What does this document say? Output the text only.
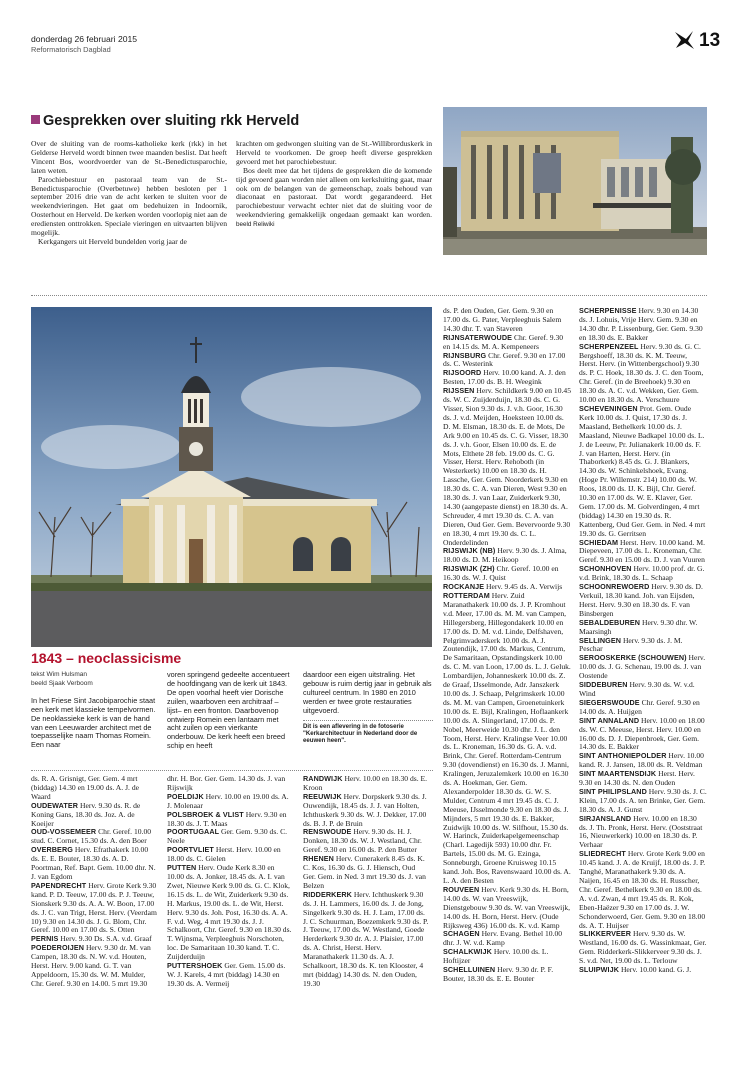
donderdag 26 februari 2015
Reformatorisch Dagblad	13
Gesprekken over sluiting rkk Herveld

Over de sluiting van de rooms-katholieke kerk (rkk) in het Gelderse Herveld wordt binnen twee maanden beslist. Dat heeft Vincent Bos, woordvoerder van de St.-Benedictusparochie, laten weten.

Parochiebestuur en pastoraal team van de St.-Benedictusparochie (Overbetuwe) hebben besloten per 1 september 2016 drie van de acht kerken te sluiten voor de weekendvieringen. Het gaat om bedehuizen in Indoornik, Oosterhout en Herveld. De kerken worden voorlopig niet aan de erediensten onttrokken. Speciale vieringen en uitvaarten blijven mogelijk.

Kerkgangers uit Herveld bundelden vorig jaar de

krachten om gedwongen sluiting van de St.-Willibrorduskerk in Herveld te voorkomen. De groep heeft diverse gesprekken gevoerd met het parochiebestuur.

Bos deelt mee dat het tijdens de gesprekken die de komende tijd gevoerd gaan worden niet alleen om kerksluiting gaat, maar ook om de belangen van de gemeenschap, zoals behoud van diaconaat en pastoraat. Dat wordt gegarandeerd. Het parochiebestuur verwacht echter niet dat de sluiting voor de weekendviering gemakkelijk ongedaan gemaakt kan worden. beeld Reliwiki

1843 – neoclassicisme
tekst Wim Hulsman
beeld Sjaak Verboom
In het Friese Sint Jacobiparochie staat een kerk met klassieke tempelvormen. De neoklassieke kerk is van de hand van een Leeuwarder architect met de toepasselijke naam Thomas Romein. Een naar
voren springend gedeelte accentueert de hoofdingang van de kerk uit 1843. De open voorhal heeft vier Dorische zuilen, waarboven een architraaf –lijst– en een fronton. Daarbovenop ontwierp Romein een lantaarn met acht zuilen op een vierkante onderbouw. De kerk heeft een breed schip en heeft
daardoor een eigen uitstraling. Het gebouw is ruim dertig jaar in gebruik als cultureel centrum. In 1980 en 2010 werden er twee grote restauraties uitgevoerd.
Dit is een aflevering in de fotoserie "Kerkarchitectuur in Nederland door de eeuwen heen".

ds. R. A. Grisnigt, Ger. Gem. 4 mrt (biddag) 14.30 en 19.00 ds. A. J. de Waard

OUDEWATER Herv. 9.30 ds. R. de Koning Gans, 18.30 ds. Joz. A. de Koeijer

OUD-VOSSEMEER Chr. Geref. 10.00 stud. C. Cornet, 15.30 ds. A. den Boer

OVERBERG Herv. Efrathakerk 10.00 ds. E. E. Bouter, 18.30 ds. A. D. Poortman, Ref. Bapt. Gem. 10.00 dhr. N. J. van Egdom

PAPENDRECHT Herv. Grote Kerk 9.30 kand. P. D. Teeuw, 17.00 ds. P. J. Teeuw, Sionskerk 9.30 ds. A. A. W. Boon, 17.00 ds. J. C. van Trigt, Herst. Herv. (Veerdam 10) 9.30 en 14.30 ds. J. G. Blom, Chr. Geref. 10.00 en 17.00 ds. S. Otten

PERNIS Herv. 9.30 Ds. S.A. v.d. Graaf

POEDEROIJEN Herv. 9.30 dr. M. van Campen, 18.30 ds. N. W. v.d. Houten, Herst. Herv. 9.00 kand. G. T. van Appeldoorn, 15.30 ds. W. M. Mulder, Chr. Geref. 9.30 en 14.00. 5 mrt 19.30

dhr. H. Bor. Ger. Gem. 14.30 ds. J. van Rijswijk

POELDIJK Herv. 10.00 en 19.00 ds. A. J. Molenaar

POLSBROEK & VLIST Herv. 9.30 en 18.30 ds. J. T. Maas

POORTUGAAL Ger. Gem. 9.30 ds. C. Neele

POORTVLIET Herst. Herv. 10.00 en 18.00 ds. C. Gielen

PUTTEN Herv. Oude Kerk 8.30 en 10.00 ds. A. Jonker, 18.45 ds. A. I. van Zwet, Nieuwe Kerk 9.00 ds. G. C. Klok, 16.15 ds. L. de Wit, Zuiderkerk 9.30 ds. H. Markus, 19.00 ds. L. de Wit, Herst. Herv. 9.30 ds. Joh. Post, 16.30 ds. A. A. F. v.d. Weg, 4 mrt 19.30 ds. J. J. Schalkoort, Chr. Geref. 9.30 en 18.30 ds. T. Wijnsma, Verpleeghuis Norschoten, loc. De Samaritaan 10.30 kand. T. C. Zuijderduijn

PUTTERSHOEK Ger. Gem. 15.00 ds. W. J. Karels, 4 mrt (biddag) 14.30 en 19.30 ds. A. Vermeij

RANDWIJK Herv. 10.00 en 18.30 ds. E. Kroon

REEUWIJK Herv. Dorpskerk 9.30 ds. J. Ouwendijk, 18.45 ds. J. J. van Holten, Ichthuskerk 9.30 ds. W. J. Dekker, 17.00 ds. B. J. P. de Bruin

RENSWOUDE Herv. 9.30 ds. H. J. Donken, 18.30 ds. W. J. Westland, Chr. Geref. 9.30 en 16.00 ds. P. den Butter

RHENEN Herv. Cunerakerk 8.45 ds. K. C. Kos, 16.30 ds. G. J. Hiensch, Oud Ger. Gem. in Ned. 3 mrt 19.30 ds. J. van Belzen

RIDDERKERK Herv. Ichthuskerk 9.30 ds. J. H. Lammers, 16.00 ds. J. de Jong, Singelkerk 9.30 ds. H. J. Lam, 17.00 ds. J. C. Schuurman, Boezemkerk 9.30 ds. P. J. Teeuw, 17.00 ds. W. Westland, Goede Herderkerk 9.30 dr. A. J. Plaisier, 17.00 ds. A. Christ, Herst. Herv. Maranathakerk 11.30 ds. A. J. Schalkoort, 18.30 ds. K. ten Klooster, 4 mrt (biddag) 14.30 ds. N. den Ouden, 19.30

ds. P. den Ouden, Ger. Gem. 9.30 en 17.00 ds. G. Pater, Verpleeghuis Salem 14.30 dhr. T. van Staveren

RIJNSATERWOUDE Chr. Geref. 9.30 en 14.15 ds. M. A. Kempeneers

RIJNSBURG Chr. Geref. 9.30 en 17.00 ds. C. Westerink

RIJSOORD Herv. 10.00 kand. A. J. den Besten, 17.00 ds. B. H. Weegink

RIJSSEN Herv. Schildkerk 9.00 en 10.45 ds. W. C. Zuijderduijn, 18.30 ds. C. G. Visser, Sion 9.30 ds. J. v.h. Goor, 16.30 ds. J. v.d. Meijden, Hoeksteen 10.00 ds. D. M. Elsman, 18.30 ds. E. de Mots, De Ark 9.00 en 10.45 ds. C. G. Visser, 18.30 ds. J. v.h. Goor, Elsen 10.00 ds. E. de Mots, Elthete 28 feb. 19.00 ds. C. G. Visser, Herst. Herv. Rehoboth (in Westerkerk) 10.00 en 18.30 ds. H. Lassche, Ger. Gem. Noorderkerk 9.30 en 18.30 ds. C. A. van Dieren, West 9.30 en 18.30 ds. J. van Laar, Zuiderkerk 9.30, 14.30 (aangepaste dienst) en 18.30 ds. A. Schreuder, 4 mrt 19.30 ds. C. A. van Dieren, Oud Ger. Gem. Bevervoorde 9.30 en 18.30, 4 mrt 19.30 ds. C. L. Onderdelinden

RIJSWIJK (NB) Herv. 9.30 ds. J. Alma, 18.00 ds. D. M. Heikoop

RIJSWIJK (ZH) Chr. Geref. 10.00 en 16.30 ds. W. J. Quist

ROCKANJE Herv. 9.45 ds. A. Verwijs

ROTTERDAM Herv. Zuid Maranathakerk 10.00 ds. J. P. Kromhout v.d. Meer, 17.00 ds. M. M. van Campen, Hillegersberg, Hillegondakerk 10.00 en 17.00 ds. D. M. v.d. Linde, Delfshaven, Pelgrimvaderskerk 10.00 ds. A. J. Zoutendijk, 17.00 ds. Markus, Centrum, De Samaritaan, Opstandingskerk 10.00 ds. C. M. van Loon, 17.00 ds. L. J. Geluk. Lombardijen, Johanneskerk 10.00 ds. Z. de Graaf, IJsselmonde, Adr. Janszkerk 10.00 ds. J. Schaap, Pelgrimskerk 10.00 ds. M. M. van Campen, Groenetuinkerk 10.00 ds. E. Bijl, Kralingen, Hoflaankerk 10.00 ds. A. Slingerland, 17.00 ds. P. Nobel, Meerweide 10.30 dhr. J. L. den Toom, Herst. Herv. Kralingse Veer 10.00 ds. L. Kroneman, 16.30 ds. G. A. v.d. Brink, Chr. Geref. Rotterdam-Centrum 9.30 (dovendienst) en 16.30 ds. J. Manni, Kralingen, Jeruzalemkerk 10.00 en 16.30 ds. A. Hoekman, Ger. Gem. Alexanderpolder 18.30 ds. G. W. S. Mulder, Centrum 4 mrt 19.45 ds. C. J. Meeuse, IJsselmonde 9.30 en 18.30 ds. J. Mijnders, 5 mrt 19.30 ds. E. Bakker, Zuidwijk 10.00 ds. W. Silfhout, 15.30 ds. W. Harinck, Zuiderkapelgemeenschap (Charl. Lagedijk 593) 10.00 dhr. Fr. Bartels, 15.00 ds. M. G. Ezinga, Sonneburgh, Groene Kruisweg 10.15 kand. Joh. Bos, Ravenswaard 10.00 ds. A. L. A. den Besten

ROUVEEN Herv. Kerk 9.30 ds. H. Born, 14.00 ds. W. van Vreeswijk, Dienstgebouw 9.30 ds. W. van Vreeswijk, 14.00 ds. H. Born, Herst. Herv. (Oude Rijksweg 436) 16.00 ds. K. v.d. Kamp

SCHAGEN Herv. Evang. Bethel 10.00 dhr. J. W. v.d. Kamp

SCHALKWIJK Herv. 10.00 ds. L. Hoftijzer

SCHELLUINEN Herv. 9.30 dr. P. F. Bouter, 18.30 ds. E. E. Bouter

SCHERPENISSE Herv. 9.30 en 14.30 ds. J. Lohuis, Vrije Herv. Gem. 9.30 en 14.30 dhr. P. Lissenburg, Ger. Gem. 9.30 en 18.30 ds. E. Bakker

SCHERPENZEEL Herv. 9.30 ds. G. C. Bergshoeff, 18.30 ds. K. M. Teeuw, Herst. Herv. (in Wittenbergschool) 9.30 ds. P. C. Hoek, 18.30 ds. J. C. den Toom, Chr. Geref. (in de Breehoek) 9.30 en 18.30 ds. A. C. v.d. Wekken, Ger. Gem. 10.00 en 18.30 ds. A. Verschuure

SCHEVENINGEN Prot. Gem. Oude Kerk 10.00 ds. J. Quist, 17.30 ds. J. Maasland, Bethelkerk 10.00 ds. J. Maasland, Nieuwe Badkapel 10.00 ds. L. J. de Leeuw, Pr. Julianakerk 10.00 ds. F. J. van Harten, Herst. Herv. (in Thaborkerk) 8.45 ds. G. J. Blankers, 14.30 ds. W. Schinkelshoek, Evang. (Hoge Pr. Willemstr. 214) 10.00 ds. W. Roos, 18.00 ds. IJ. K. Bijl, Chr. Geref. 10.30 en 17.00 ds. W. E. Klaver, Ger. Gem. 17.00 ds. M. Golverdingen, 4 mrt (biddag) 14.30 en 19.30 ds. R. Kattenberg, Oud Ger. Gem. in Ned. 4 mrt 19.30 ds. G. Gerritsen

SCHIEDAM Herst. Herv. 10.00 kand. M. Diepeveen, 17.00 ds. L. Kroneman, Chr. Geref. 9.30 en 15.00 ds. D. J. van Vuuren

SCHONHOVEN Herv. 10.00 prof. dr. G. v.d. Brink, 18.30 ds. L. Schaap

SCHOONREWOERD Herv. 9.30 ds. D. Verkuil, 18.30 kand. Joh. van Eijsden, Herst. Herv. 9.30 en 18.30 ds. F. van Binsbergen

SEBALDEBUREN Herv. 9.30 dhr. W. Maarsingh

SELLINGEN Herv. 9.30 ds. J. M. Peschar

SEROOSKERKE (SCHOUWEN) Herv. 10.00 ds. J. G. Schenau, 19.00 ds. J. van Oostende

SIDDEBUREN Herv. 9.30 ds. W. v.d. Wind

SIEGERSWOUDE Chr. Geref. 9.30 en 14.00 ds. A. Huijgen

SINT ANNALAND Herv. 10.00 en 18.00 ds. W. C. Meeuse, Herst. Herv. 10.00 en 16.00 ds. D. J. Diepenbroek, Ger. Gem. 14.30 ds. E. Bakker

SINT ANTHONIEPOLDER Herv. 10.00 kand. R. J. Jansen, 18.00 ds. R. Veldman

SINT MAARTENSDIJK Herst. Herv. 9.30 en 14.30 ds. N. den Ouden

SINT PHILIPSLAND Herv. 9.30 ds. J. C. Klein, 17.00 ds. A. ten Brinke, Ger. Gem. 18.30 ds. A. J. Gunst

SIRJANSLAND Herv. 10.00 en 18.30 ds. J. Th. Pronk, Herst. Herv. (Ooststraat 16, Nieuwerkerk) 10.00 en 18.30 ds. P. Verhaar

SLIEDRECHT Herv. Grote Kerk 9.00 en 10.45 kand. J. A. de Kruijf, 18.00 ds. J. P. Tanghé, Maranathakerk 9.30 ds. A. Naijen, 16.45 en 18.30 ds. H. Russcher, Chr. Geref. Bethelkerk 9.30 en 18.00 ds. A. v.d. Zwan, 4 mrt 19.45 ds. R. Kok, Eben-Haëzer 9.30 en 17.00 ds. J. W. Schonderwoerd, Ger. Gem. 9.30 en 18.00 ds. A. T. Huijser

SLIKKERVEER Herv. 9.30 ds. W. Westland, 16.00 ds. G. Wassinkmaat, Ger. Gem. Ridderkerk-Slikkerveer 9.30 ds. J. S. v.d. Net, 19.00 ds. L. Terlouw

SLUIPWIJK Herv. 10.00 kand. G. J.
